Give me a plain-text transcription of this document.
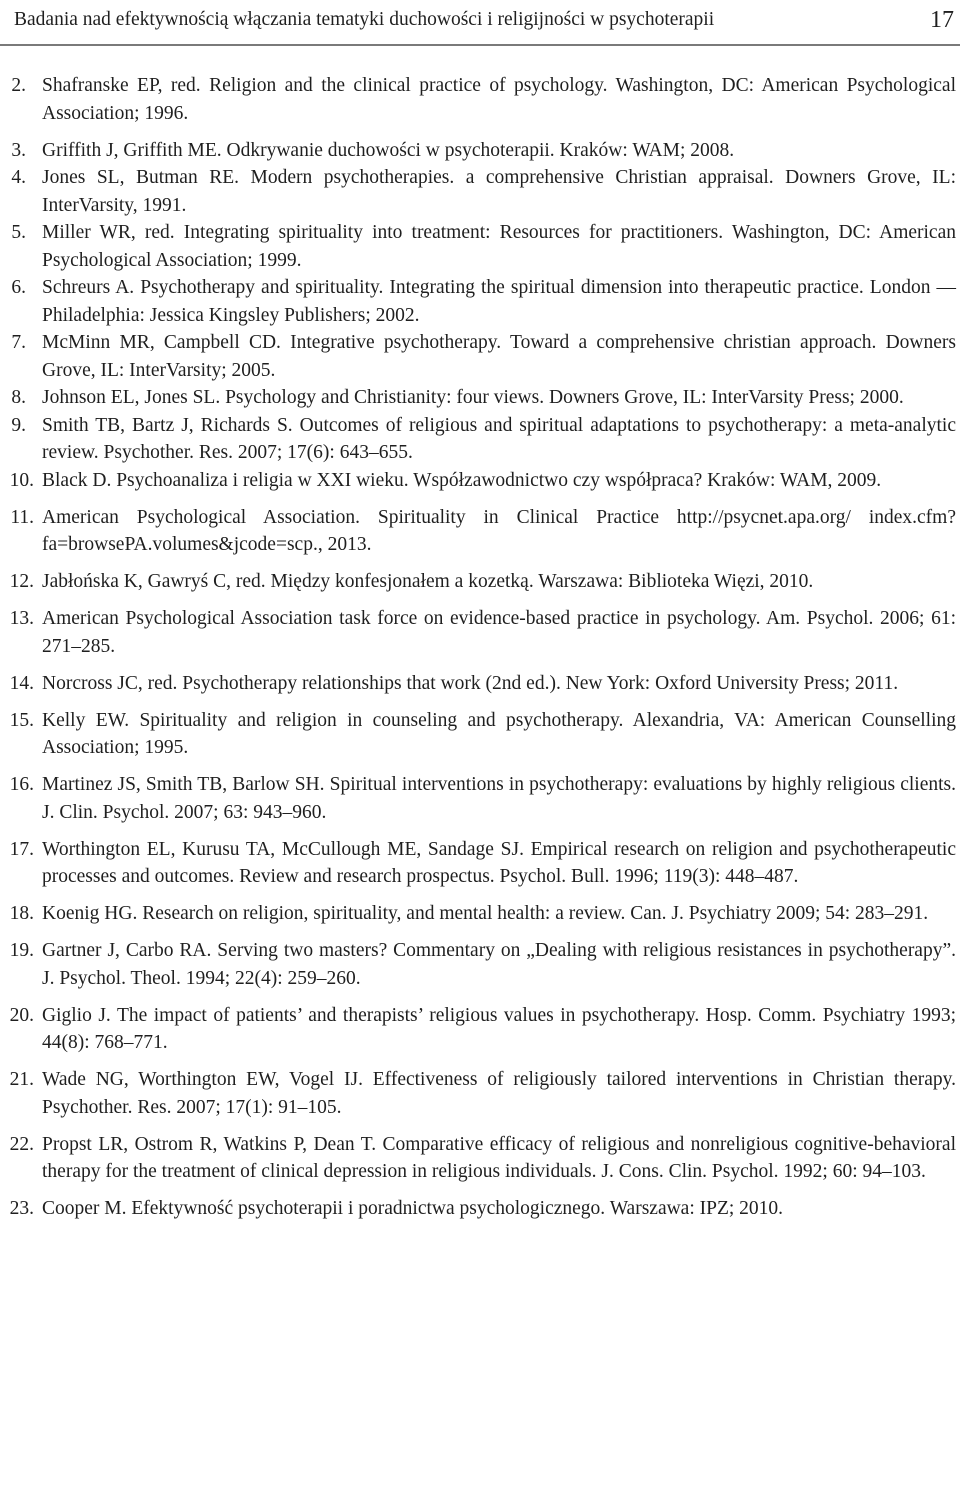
Badania nad efektywnością włączania tematyki duchowości i religijności w psychoterapii	17
2. Shafranske EP, red. Religion and the clinical practice of psychology. Washington, DC: American Psychological Association; 1996.
3. Griffith J, Griffith ME. Odkrywanie duchowości w psychoterapii. Kraków: WAM; 2008.
4. Jones SL, Butman RE. Modern psychotherapies. a comprehensive Christian appraisal. Downers Grove, IL: InterVarsity, 1991.
5. Miller WR, red. Integrating spirituality into treatment: Resources for practitioners. Washington, DC: American Psychological Association; 1999.
6. Schreurs A. Psychotherapy and spirituality. Integrating the spiritual dimension into therapeutic practice. London —Philadelphia: Jessica Kingsley Publishers; 2002.
7. McMinn MR, Campbell CD. Integrative psychotherapy. Toward a comprehensive christian approach. Downers Grove, IL: InterVarsity; 2005.
8. Johnson EL, Jones SL. Psychology and Christianity: four views. Downers Grove, IL: InterVarsity Press; 2000.
9. Smith TB, Bartz J, Richards S. Outcomes of religious and spiritual adaptations to psychotherapy: a meta-analytic review. Psychother. Res. 2007; 17(6): 643–655.
10. Black D. Psychoanaliza i religia w XXI wieku. Współzawodnictwo czy współpraca? Kraków: WAM, 2009.
11. American Psychological Association. Spirituality in Clinical Practice http://psycnet.apa.org/ index.cfm?fa=browsePA.volumes&jcode=scp., 2013.
12. Jabłońska K, Gawryś C, red. Między konfesjonałem a kozetką. Warszawa: Biblioteka Więzi, 2010.
13. American Psychological Association task force on evidence-based practice in psychology. Am. Psychol. 2006; 61: 271–285.
14. Norcross JC, red. Psychotherapy relationships that work (2nd ed.). New York: Oxford University Press; 2011.
15. Kelly EW. Spirituality and religion in counseling and psychotherapy. Alexandria, VA: American Counselling Association; 1995.
16. Martinez JS, Smith TB, Barlow SH. Spiritual interventions in psychotherapy: evaluations by highly religious clients. J. Clin. Psychol. 2007; 63: 943–960.
17. Worthington EL, Kurusu TA, McCullough ME, Sandage SJ. Empirical research on religion and psychotherapeutic processes and outcomes. Review and research prospectus. Psychol. Bull. 1996; 119(3): 448–487.
18. Koenig HG. Research on religion, spirituality, and mental health: a review. Can. J. Psychiatry 2009; 54: 283–291.
19. Gartner J, Carbo RA. Serving two masters? Commentary on „Dealing with religious resistances in psychotherapy”. J. Psychol. Theol. 1994; 22(4): 259–260.
20. Giglio J. The impact of patients’ and therapists’ religious values in psychotherapy. Hosp. Comm. Psychiatry 1993; 44(8): 768–771.
21. Wade NG, Worthington EW, Vogel IJ. Effectiveness of religiously tailored interventions in Christian therapy. Psychother. Res. 2007; 17(1): 91–105.
22. Propst LR, Ostrom R, Watkins P, Dean T. Comparative efficacy of religious and nonreligious cognitive-behavioral therapy for the treatment of clinical depression in religious individuals. J. Cons. Clin. Psychol. 1992; 60: 94–103.
23. Cooper M. Efektywność psychoterapii i poradnictwa psychologicznego. Warszawa: IPZ; 2010.
